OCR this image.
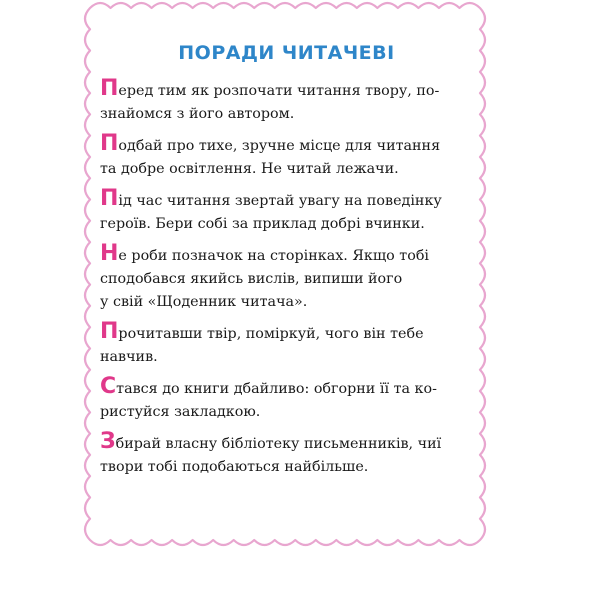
ПОРАДИ ЧИТАЧЕВІ
Перед тим як розпочати читання твору, по-
знайомся з його автором.
Подбай про тихе, зручне місце для читання
та добре освітлення. Не читай лежачи.
Під час читання звертай увагу на поведінку
героїв. Бери собі за приклад добрі вчинки.
Не роби позначок на сторінках. Якщо тобі
сподобався якийсь вислів, випиши його
у свій «Щоденник читача».
Прочитавши твір, поміркуй, чого він тебе
навчив.
Стався до книги дбайливо: обгорни її та ко-
ристуйся закладкою.
Збирай власну бібліотеку письменників, чиї
твори тобі подобаються найбільше.
